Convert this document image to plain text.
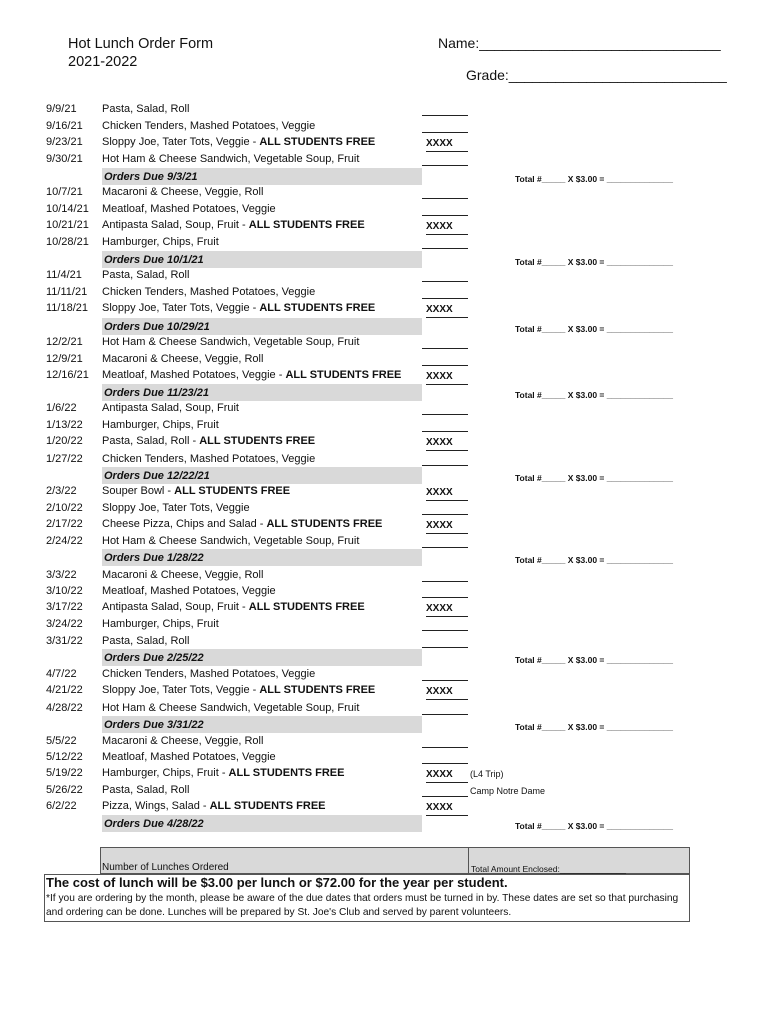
Hot Lunch Order Form
2021-2022
Name:_______________________________
Grade:____________________________
9/9/21	Pasta, Salad, Roll
9/16/21	Chicken Tenders, Mashed Potatoes, Veggie
9/23/21	Sloppy Joe, Tater Tots, Veggie - ALL STUDENTS FREE	XXXX
9/30/21	Hot Ham & Cheese Sandwich, Vegetable Soup, Fruit
Orders Due 9/3/21	Total #_____ X $3.00 = ______________
10/7/21	Macaroni & Cheese, Veggie, Roll
10/14/21	Meatloaf, Mashed Potatoes, Veggie
10/21/21	Antipasta Salad, Soup, Fruit - ALL STUDENTS FREE	XXXX
10/28/21	Hamburger, Chips, Fruit
Orders Due 10/1/21	Total #_____ X $3.00 = ______________
11/4/21	Pasta, Salad, Roll
11/11/21	Chicken Tenders, Mashed Potatoes, Veggie
11/18/21	Sloppy Joe, Tater Tots, Veggie - ALL STUDENTS FREE	XXXX
Orders Due 10/29/21	Total #_____ X $3.00 = ______________
12/2/21	Hot Ham & Cheese Sandwich, Vegetable Soup, Fruit
12/9/21	Macaroni & Cheese, Veggie, Roll
12/16/21	Meatloaf, Mashed Potatoes, Veggie - ALL STUDENTS FREE XXXX
Orders Due 11/23/21	Total #_____ X $3.00 = ______________
1/6/22	Antipasta Salad, Soup, Fruit
1/13/22	Hamburger, Chips, Fruit
1/20/22	Pasta, Salad, Roll - ALL STUDENTS FREE	XXXX
1/27/22	Chicken Tenders, Mashed Potatoes, Veggie
Orders Due 12/22/21	Total #_____ X $3.00 = ______________
2/3/22	Souper Bowl - ALL STUDENTS FREE	XXXX
2/10/22	Sloppy Joe, Tater Tots, Veggie
2/17/22	Cheese Pizza, Chips and Salad - ALL STUDENTS FREE	XXXX
2/24/22	Hot Ham & Cheese Sandwich, Vegetable Soup, Fruit
Orders Due 1/28/22	Total #_____ X $3.00 = ______________
3/3/22	Macaroni & Cheese, Veggie, Roll
3/10/22	Meatloaf, Mashed Potatoes, Veggie
3/17/22	Antipasta Salad, Soup, Fruit - ALL STUDENTS FREE	XXXX
3/24/22	Hamburger, Chips, Fruit
3/31/22	Pasta, Salad, Roll
Orders Due 2/25/22	Total #_____ X $3.00 = ______________
4/7/22	Chicken Tenders, Mashed Potatoes, Veggie
4/21/22	Sloppy Joe, Tater Tots, Veggie - ALL STUDENTS FREE	XXXX
4/28/22	Hot Ham & Cheese Sandwich, Vegetable Soup, Fruit
Orders Due 3/31/22	Total #_____ X $3.00 = ______________
5/5/22	Macaroni & Cheese, Veggie, Roll
5/12/22	Meatloaf, Mashed Potatoes, Veggie
5/19/22	Hamburger, Chips, Fruit - ALL STUDENTS FREE	XXXX	(L4 Trip)
5/26/22	Pasta, Salad, Roll	Camp Notre Dame
6/2/22	Pizza, Wings, Salad - ALL STUDENTS FREE	XXXX
Orders Due 4/28/22	Total #_____ X $3.00 = ______________
Number of Lunches Ordered	Total Amount Enclosed:______________
The cost of lunch will be $3.00 per lunch or $72.00 for the year per student.
*If you are ordering by the month, please be aware of the due dates that orders must be turned in by. These dates are set so that purchasing and ordering can be done. Lunches will be prepared by St. Joe's Club and served by parent volunteers.
